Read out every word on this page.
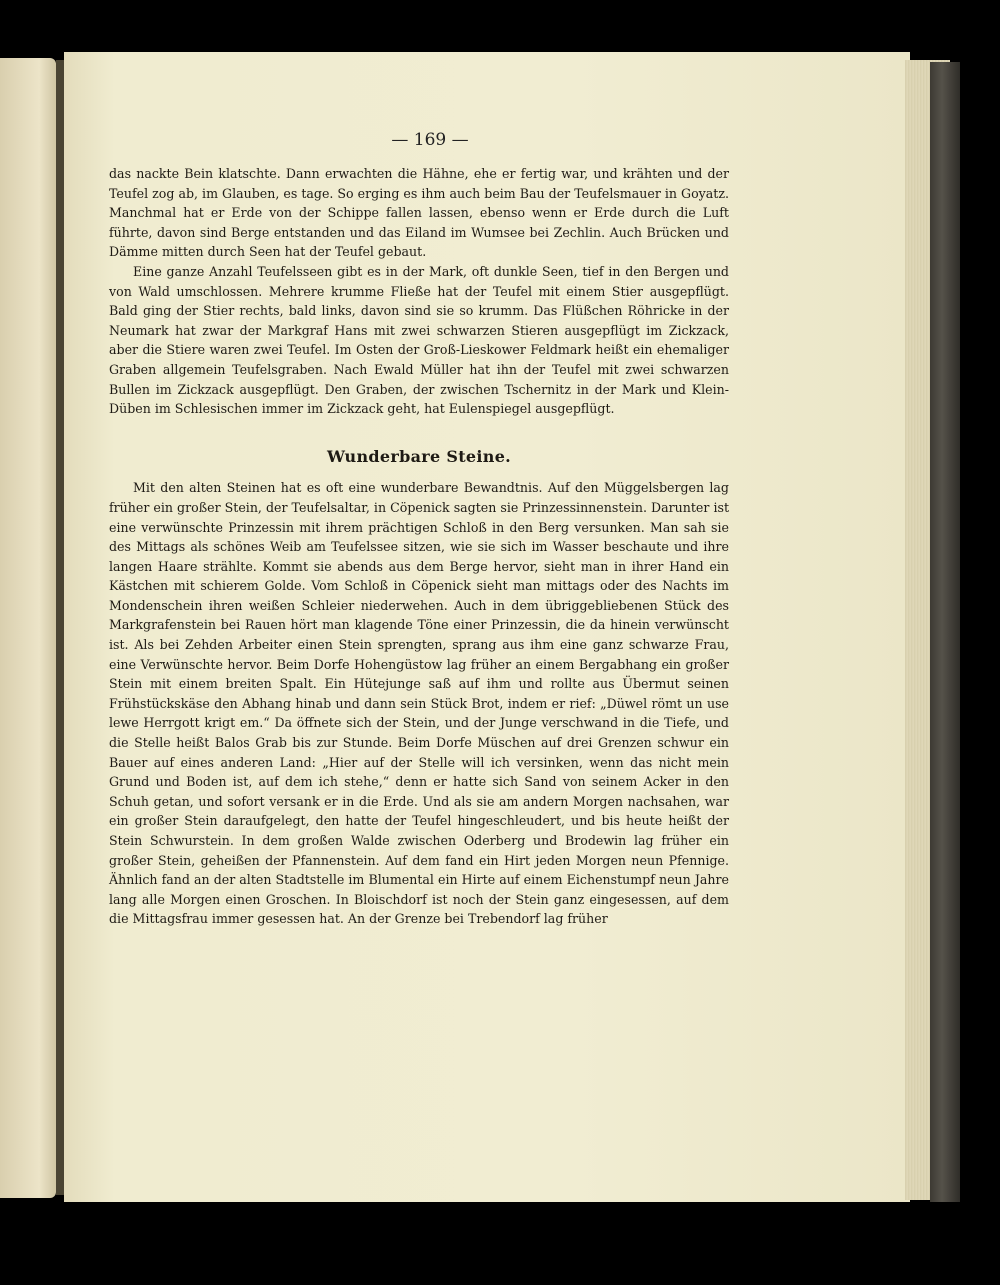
— 169 —

das nackte Bein klatschte. Dann erwachten die Hähne, ehe er fertig war, und krähten und der Teufel zog ab, im Glauben, es tage. So erging es ihm auch beim Bau der Teufelsmauer in Goyatz. Manchmal hat er Erde von der Schippe fallen lassen, ebenso wenn er Erde durch die Luft führte, davon sind Berge entstanden und das Eiland im Wumsee bei Zechlin. Auch Brücken und Dämme mitten durch Seen hat der Teufel gebaut.

Eine ganze Anzahl Teufelsseen gibt es in der Mark, oft dunkle Seen, tief in den Bergen und von Wald umschlossen. Mehrere krumme Fließe hat der Teufel mit einem Stier ausgepflügt. Bald ging der Stier rechts, bald links, davon sind sie so krumm. Das Flüßchen Röhricke in der Neumark hat zwar der Markgraf Hans mit zwei schwarzen Stieren ausgepflügt im Zickzack, aber die Stiere waren zwei Teufel. Im Osten der Groß-Lieskower Feldmark heißt ein ehemaliger Graben allgemein Teufelsgraben. Nach Ewald Müller hat ihn der Teufel mit zwei schwarzen Bullen im Zickzack ausgepflügt. Den Graben, der zwischen Tschernitz in der Mark und Klein-Düben im Schlesischen immer im Zickzack geht, hat Eulenspiegel ausgepflügt.

Wunderbare Steine.

Mit den alten Steinen hat es oft eine wunderbare Bewandtnis. Auf den Müggelsbergen lag früher ein großer Stein, der Teufelsaltar, in Cöpenick sagten sie Prinzessinnenstein. Darunter ist eine verwünschte Prinzessin mit ihrem prächtigen Schloß in den Berg versunken. Man sah sie des Mittags als schönes Weib am Teufelssee sitzen, wie sie sich im Wasser beschaute und ihre langen Haare strählte. Kommt sie abends aus dem Berge hervor, sieht man in ihrer Hand ein Kästchen mit schierem Golde. Vom Schloß in Cöpenick sieht man mittags oder des Nachts im Mondenschein ihren weißen Schleier niederwehen. Auch in dem übriggebliebenen Stück des Markgrafenstein bei Rauen hört man klagende Töne einer Prinzessin, die da hinein verwünscht ist. Als bei Zehden Arbeiter einen Stein sprengten, sprang aus ihm eine ganz schwarze Frau, eine Verwünschte hervor. Beim Dorfe Hohengüstow lag früher an einem Bergabhang ein großer Stein mit einem breiten Spalt. Ein Hütejunge saß auf ihm und rollte aus Übermut seinen Frühstückskäse den Abhang hinab und dann sein Stück Brot, indem er rief: „Düwel römt un use lewe Herrgott krigt em.“ Da öffnete sich der Stein, und der Junge verschwand in die Tiefe, und die Stelle heißt Balos Grab bis zur Stunde. Beim Dorfe Müschen auf drei Grenzen schwur ein Bauer auf eines anderen Land: „Hier auf der Stelle will ich versinken, wenn das nicht mein Grund und Boden ist, auf dem ich stehe,“ denn er hatte sich Sand von seinem Acker in den Schuh getan, und sofort versank er in die Erde. Und als sie am andern Morgen nachsahen, war ein großer Stein daraufgelegt, den hatte der Teufel hingeschleudert, und bis heute heißt der Stein Schwurstein. In dem großen Walde zwischen Oderberg und Brodewin lag früher ein großer Stein, geheißen der Pfannenstein. Auf dem fand ein Hirt jeden Morgen neun Pfennige. Ähnlich fand an der alten Stadtstelle im Blumental ein Hirte auf einem Eichenstumpf neun Jahre lang alle Morgen einen Groschen. In Bloischdorf ist noch der Stein ganz eingesessen, auf dem die Mittagsfrau immer gesessen hat. An der Grenze bei Trebendorf lag früher
